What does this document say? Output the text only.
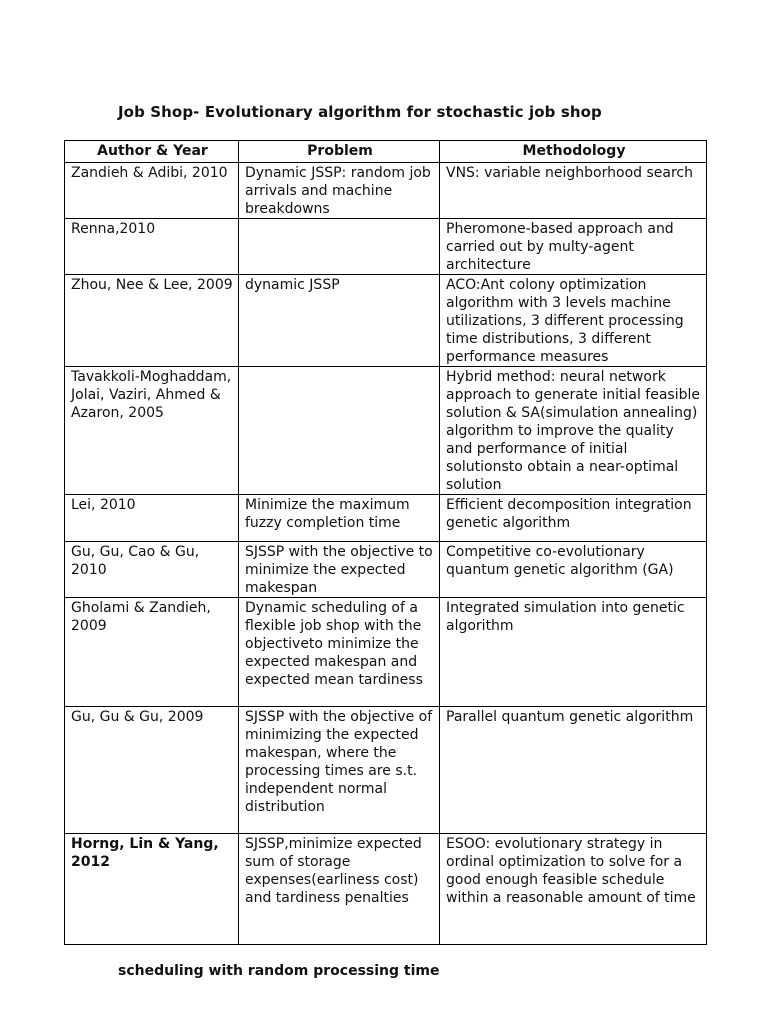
Job Shop- Evolutionary algorithm for stochastic job shop
Author & Year	Problem	Methodology
Zandieh & Adibi, 2010	Dynamic JSSP: random job arrivals and machine breakdowns	VNS: variable neighborhood search
Renna,2010		Pheromone-based approach and carried out by multy-agent architecture
Zhou, Nee & Lee, 2009	dynamic JSSP	ACO:Ant colony optimization algorithm with 3 levels machine utilizations, 3 different processing time distributions, 3 different performance measures
Tavakkoli-Moghaddam, Jolai, Vaziri, Ahmed & Azaron, 2005		Hybrid method: neural network approach to generate initial feasible solution & SA(simulation annealing) algorithm to improve the quality and performance of initial solutionsto obtain a near-optimal solution
Lei, 2010	Minimize the maximum fuzzy completion time	Efficient decomposition integration genetic algorithm
Gu, Gu, Cao & Gu, 2010	SJSSP with the objective to minimize the expected makespan	Competitive co-evolutionary quantum genetic algorithm (GA)
Gholami & Zandieh, 2009	Dynamic scheduling of a flexible job shop with the objectiveto minimize the expected makespan and expected mean tardiness	Integrated simulation into genetic algorithm
Gu, Gu & Gu, 2009	SJSSP with the objective of minimizing the expected makespan, where the processing times are s.t. independent normal distribution	Parallel quantum genetic algorithm
Horng, Lin & Yang, 2012	SJSSP,minimize expected sum of storage expenses(earliness cost) and tardiness penalties	ESOO: evolutionary strategy in ordinal optimization to solve for a good enough feasible schedule within a reasonable amount of time
scheduling with random processing time
